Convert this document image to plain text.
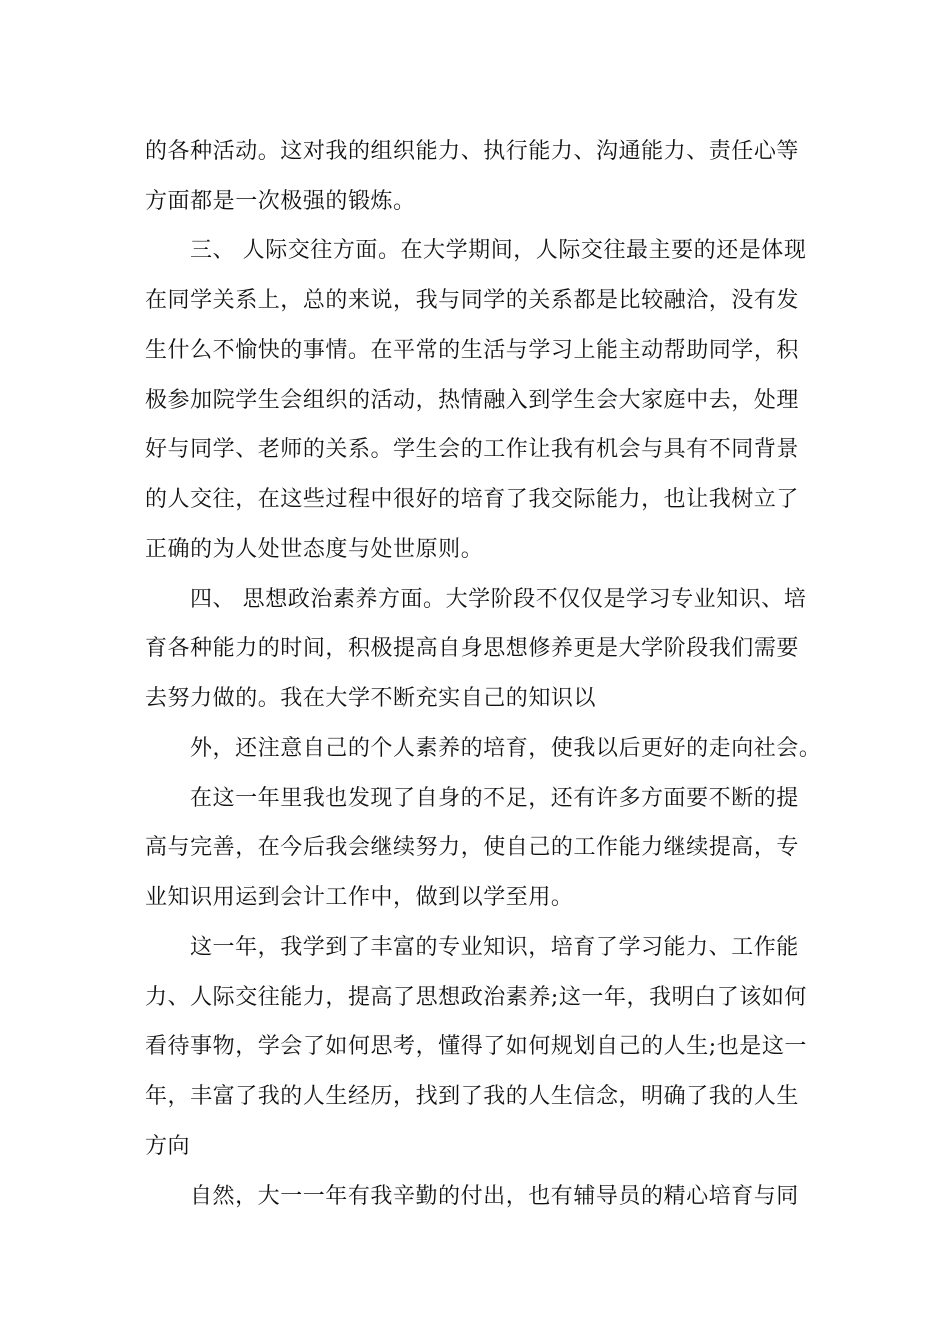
的各种活动。这对我的组织能力、执行能力、沟通能力、责任心等

方面都是一次极强的锻炼。

三、 人际交往方面。在大学期间，人际交往最主要的还是体现

在同学关系上，总的来说，我与同学的关系都是比较融洽，没有发

生什么不愉快的事情。在平常的生活与学习上能主动帮助同学，积

极参加院学生会组织的活动，热情融入到学生会大家庭中去，处理

好与同学、老师的关系。学生会的工作让我有机会与具有不同背景

的人交往，在这些过程中很好的培育了我交际能力，也让我树立了

正确的为人处世态度与处世原则。

四、 思想政治素养方面。大学阶段不仅仅是学习专业知识、培

育各种能力的时间，积极提高自身思想修养更是大学阶段我们需要

去努力做的。我在大学不断充实自己的知识以

外，还注意自己的个人素养的培育，使我以后更好的走向社会。

在这一年里我也发现了自身的不足，还有许多方面要不断的提

高与完善，在今后我会继续努力，使自己的工作能力继续提高，专

业知识用运到会计工作中，做到以学至用。

这一年，我学到了丰富的专业知识，培育了学习能力、工作能

力、人际交往能力，提高了思想政治素养;这一年，我明白了该如何

看待事物，学会了如何思考，懂得了如何规划自己的人生;也是这一

年，丰富了我的人生经历，找到了我的人生信念，明确了我的人生

方向

自然，大一一年有我辛勤的付出，也有辅导员的精心培育与同
